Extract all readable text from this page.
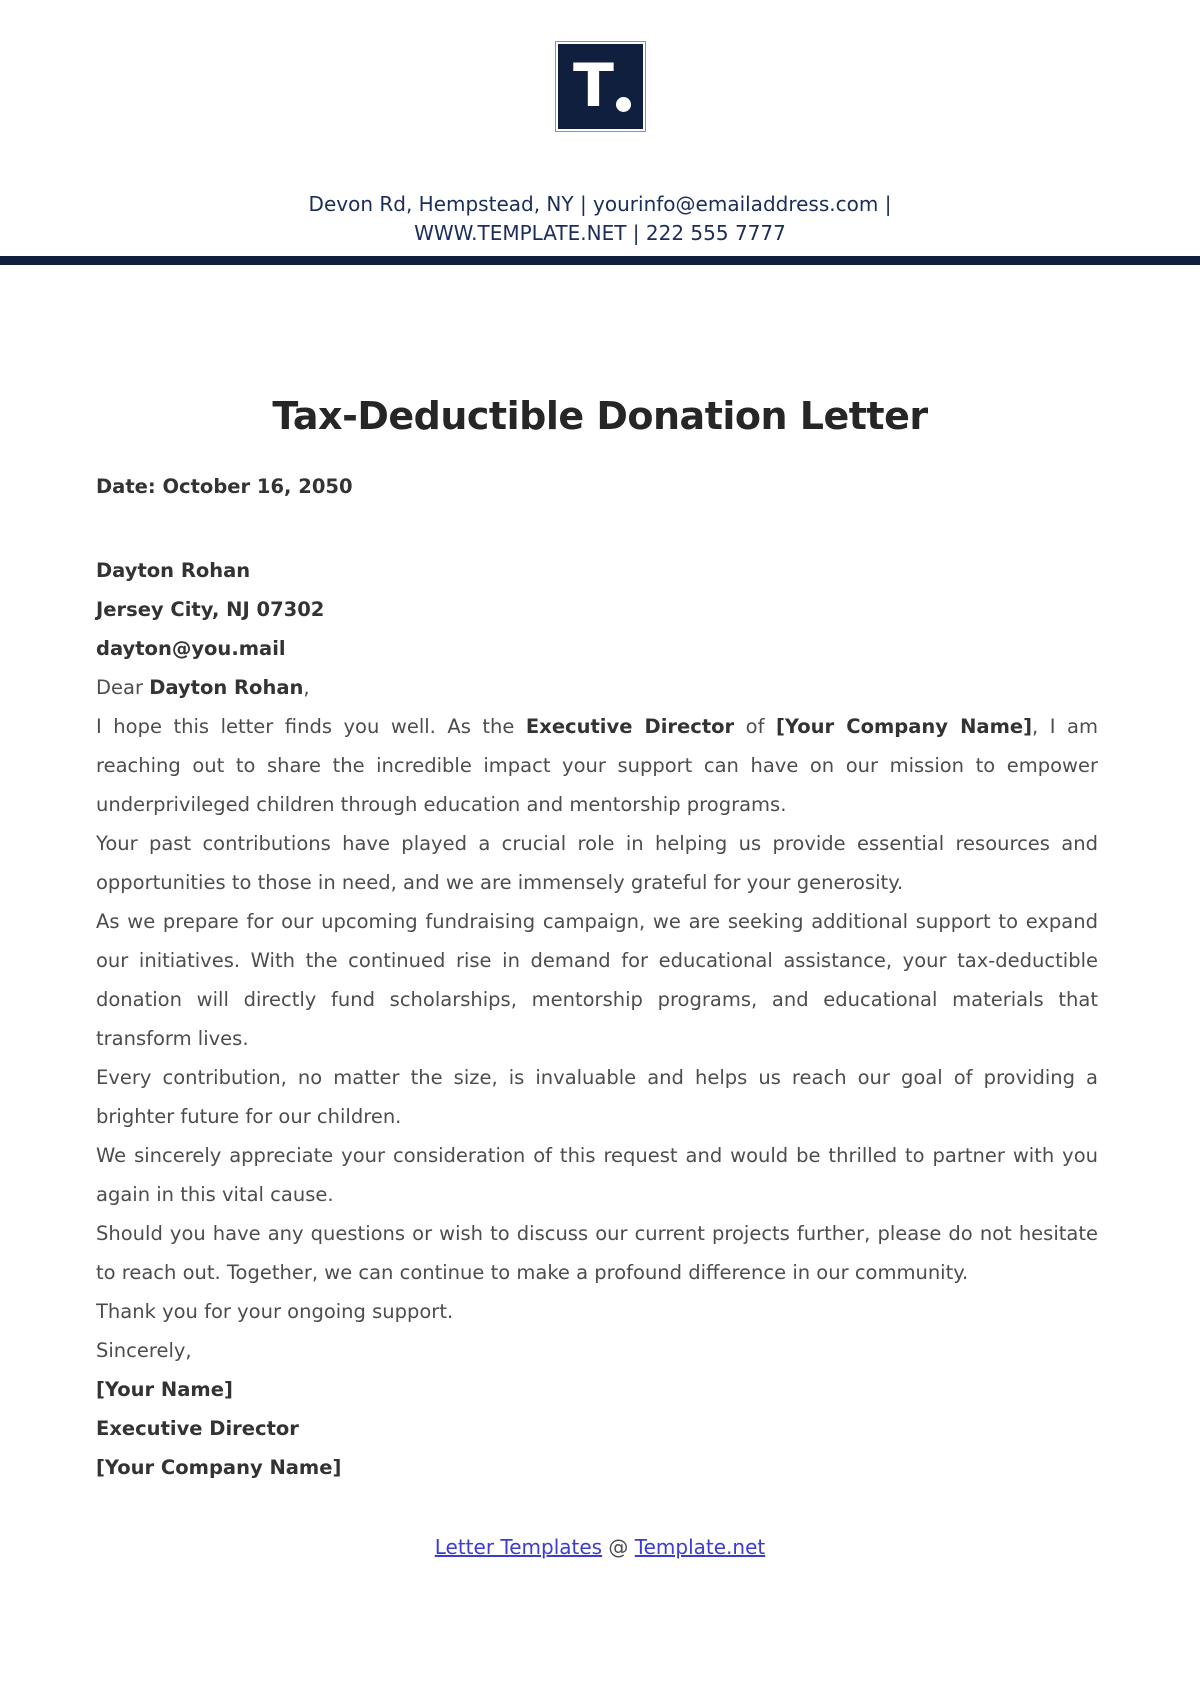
T
Devon Rd, Hempstead, NY | yourinfo@emailaddress.com |
WWW.TEMPLATE.NET | 222 555 7777
Tax-Deductible Donation Letter

Date: October 16, 2050

Dayton Rohan

Jersey City, NJ 07302

dayton@you.mail

Dear Dayton Rohan,

I hope this letter finds you well. As the Executive Director of [Your Company Name], I am reaching out to share the incredible impact your support can have on our mission to empower underprivileged children through education and mentorship programs.

Your past contributions have played a crucial role in helping us provide essential resources and opportunities to those in need, and we are immensely grateful for your generosity.

As we prepare for our upcoming fundraising campaign, we are seeking additional support to expand our initiatives. With the continued rise in demand for educational assistance, your tax-deductible donation will directly fund scholarships, mentorship programs, and educational materials that transform lives.

Every contribution, no matter the size, is invaluable and helps us reach our goal of providing a brighter future for our children.

We sincerely appreciate your consideration of this request and would be thrilled to partner with you again in this vital cause.

Should you have any questions or wish to discuss our current projects further, please do not hesitate to reach out. Together, we can continue to make a profound difference in our community.

Thank you for your ongoing support.

Sincerely,

[Your Name]

Executive Director

[Your Company Name]

Letter Templates @ Template.net
